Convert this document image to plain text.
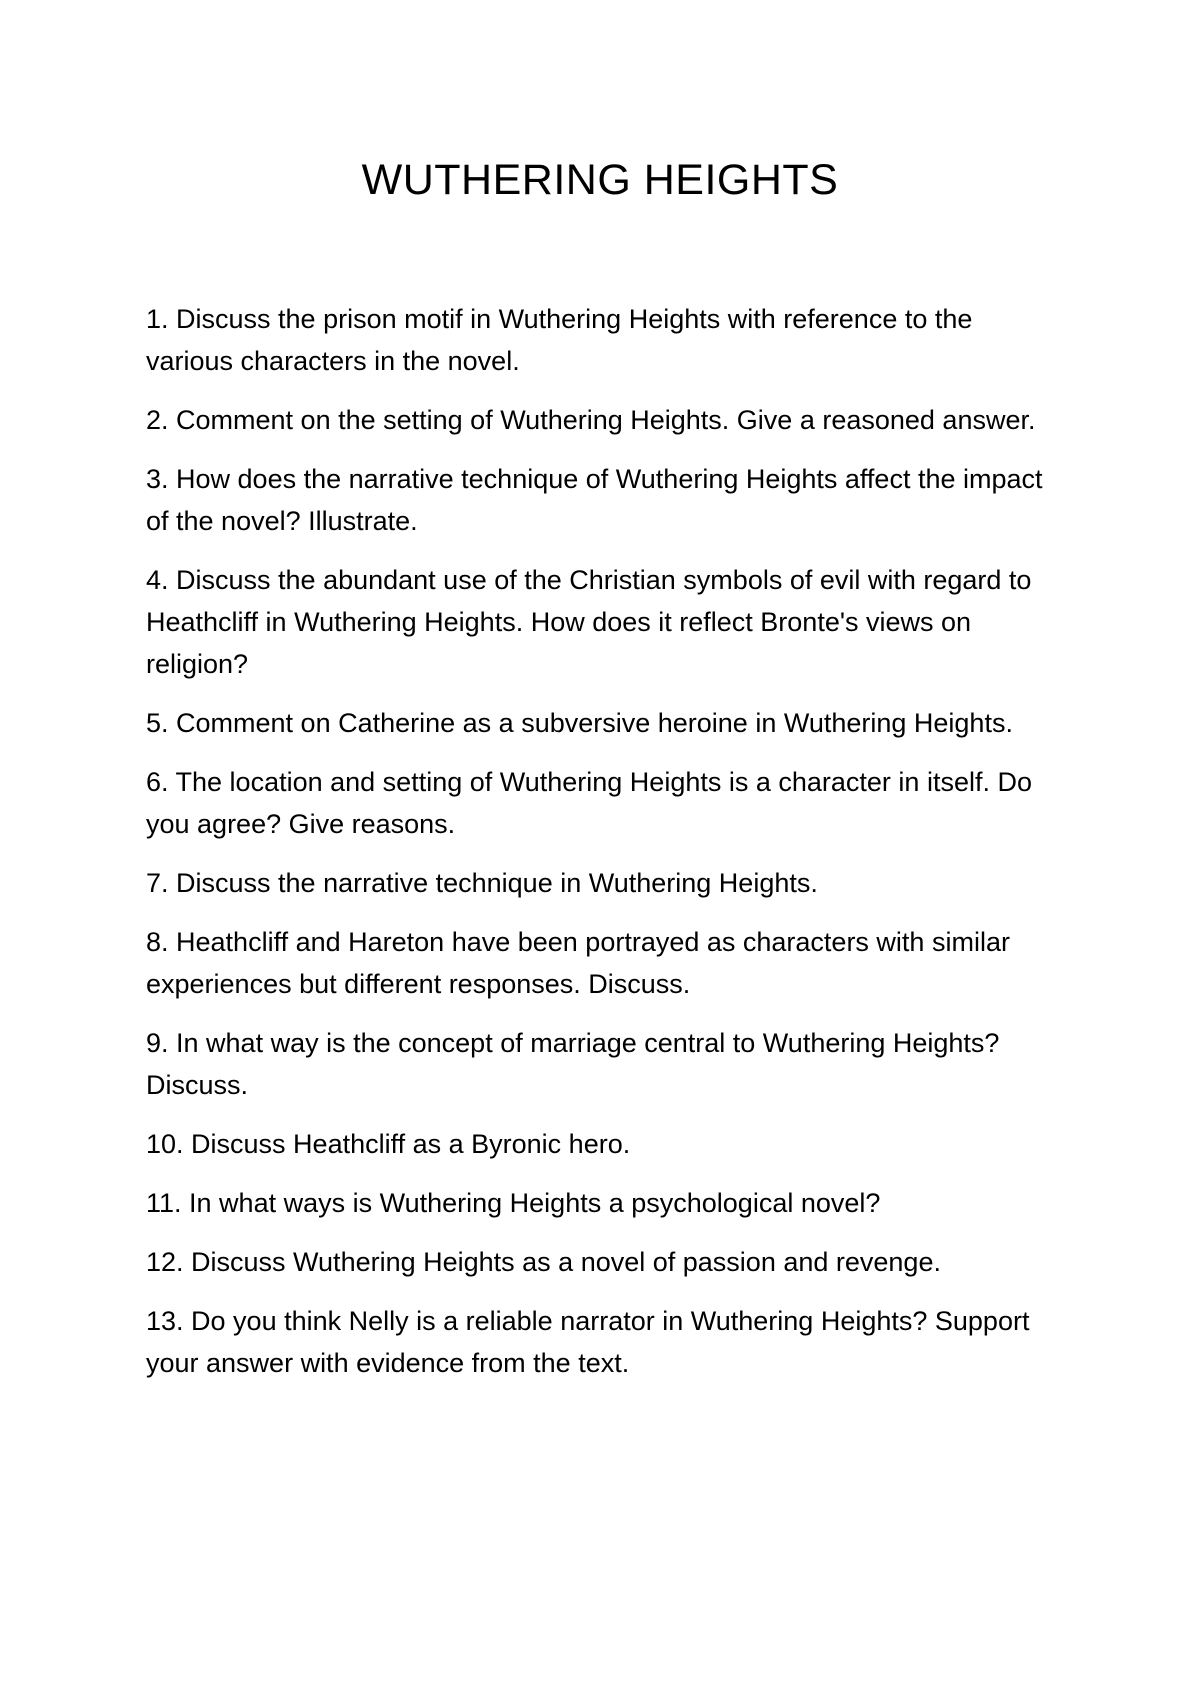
WUTHERING HEIGHTS
1. Discuss the prison motif in Wuthering Heights with reference to the various characters in the novel.
2. Comment on the setting of Wuthering Heights. Give a reasoned answer.
3. How does the narrative technique of Wuthering Heights affect the impact of the novel? Illustrate.
4. Discuss the abundant use of the Christian symbols of evil with regard to Heathcliff in Wuthering Heights. How does it reflect Bronte's views on religion?
5. Comment on Catherine as a subversive heroine in Wuthering Heights.
6. The location and setting of Wuthering Heights is a character in itself. Do you agree? Give reasons.
7. Discuss the narrative technique in Wuthering Heights.
8. Heathcliff and Hareton have been portrayed as characters with similar experiences but different responses. Discuss.
9. In what way is the concept of marriage central to Wuthering Heights? Discuss.
10. Discuss Heathcliff as a Byronic hero.
11. In what ways is Wuthering Heights a psychological novel?
12. Discuss Wuthering Heights as a novel of passion and revenge.
13. Do you think Nelly is a reliable narrator in Wuthering Heights? Support your answer with evidence from the text.
